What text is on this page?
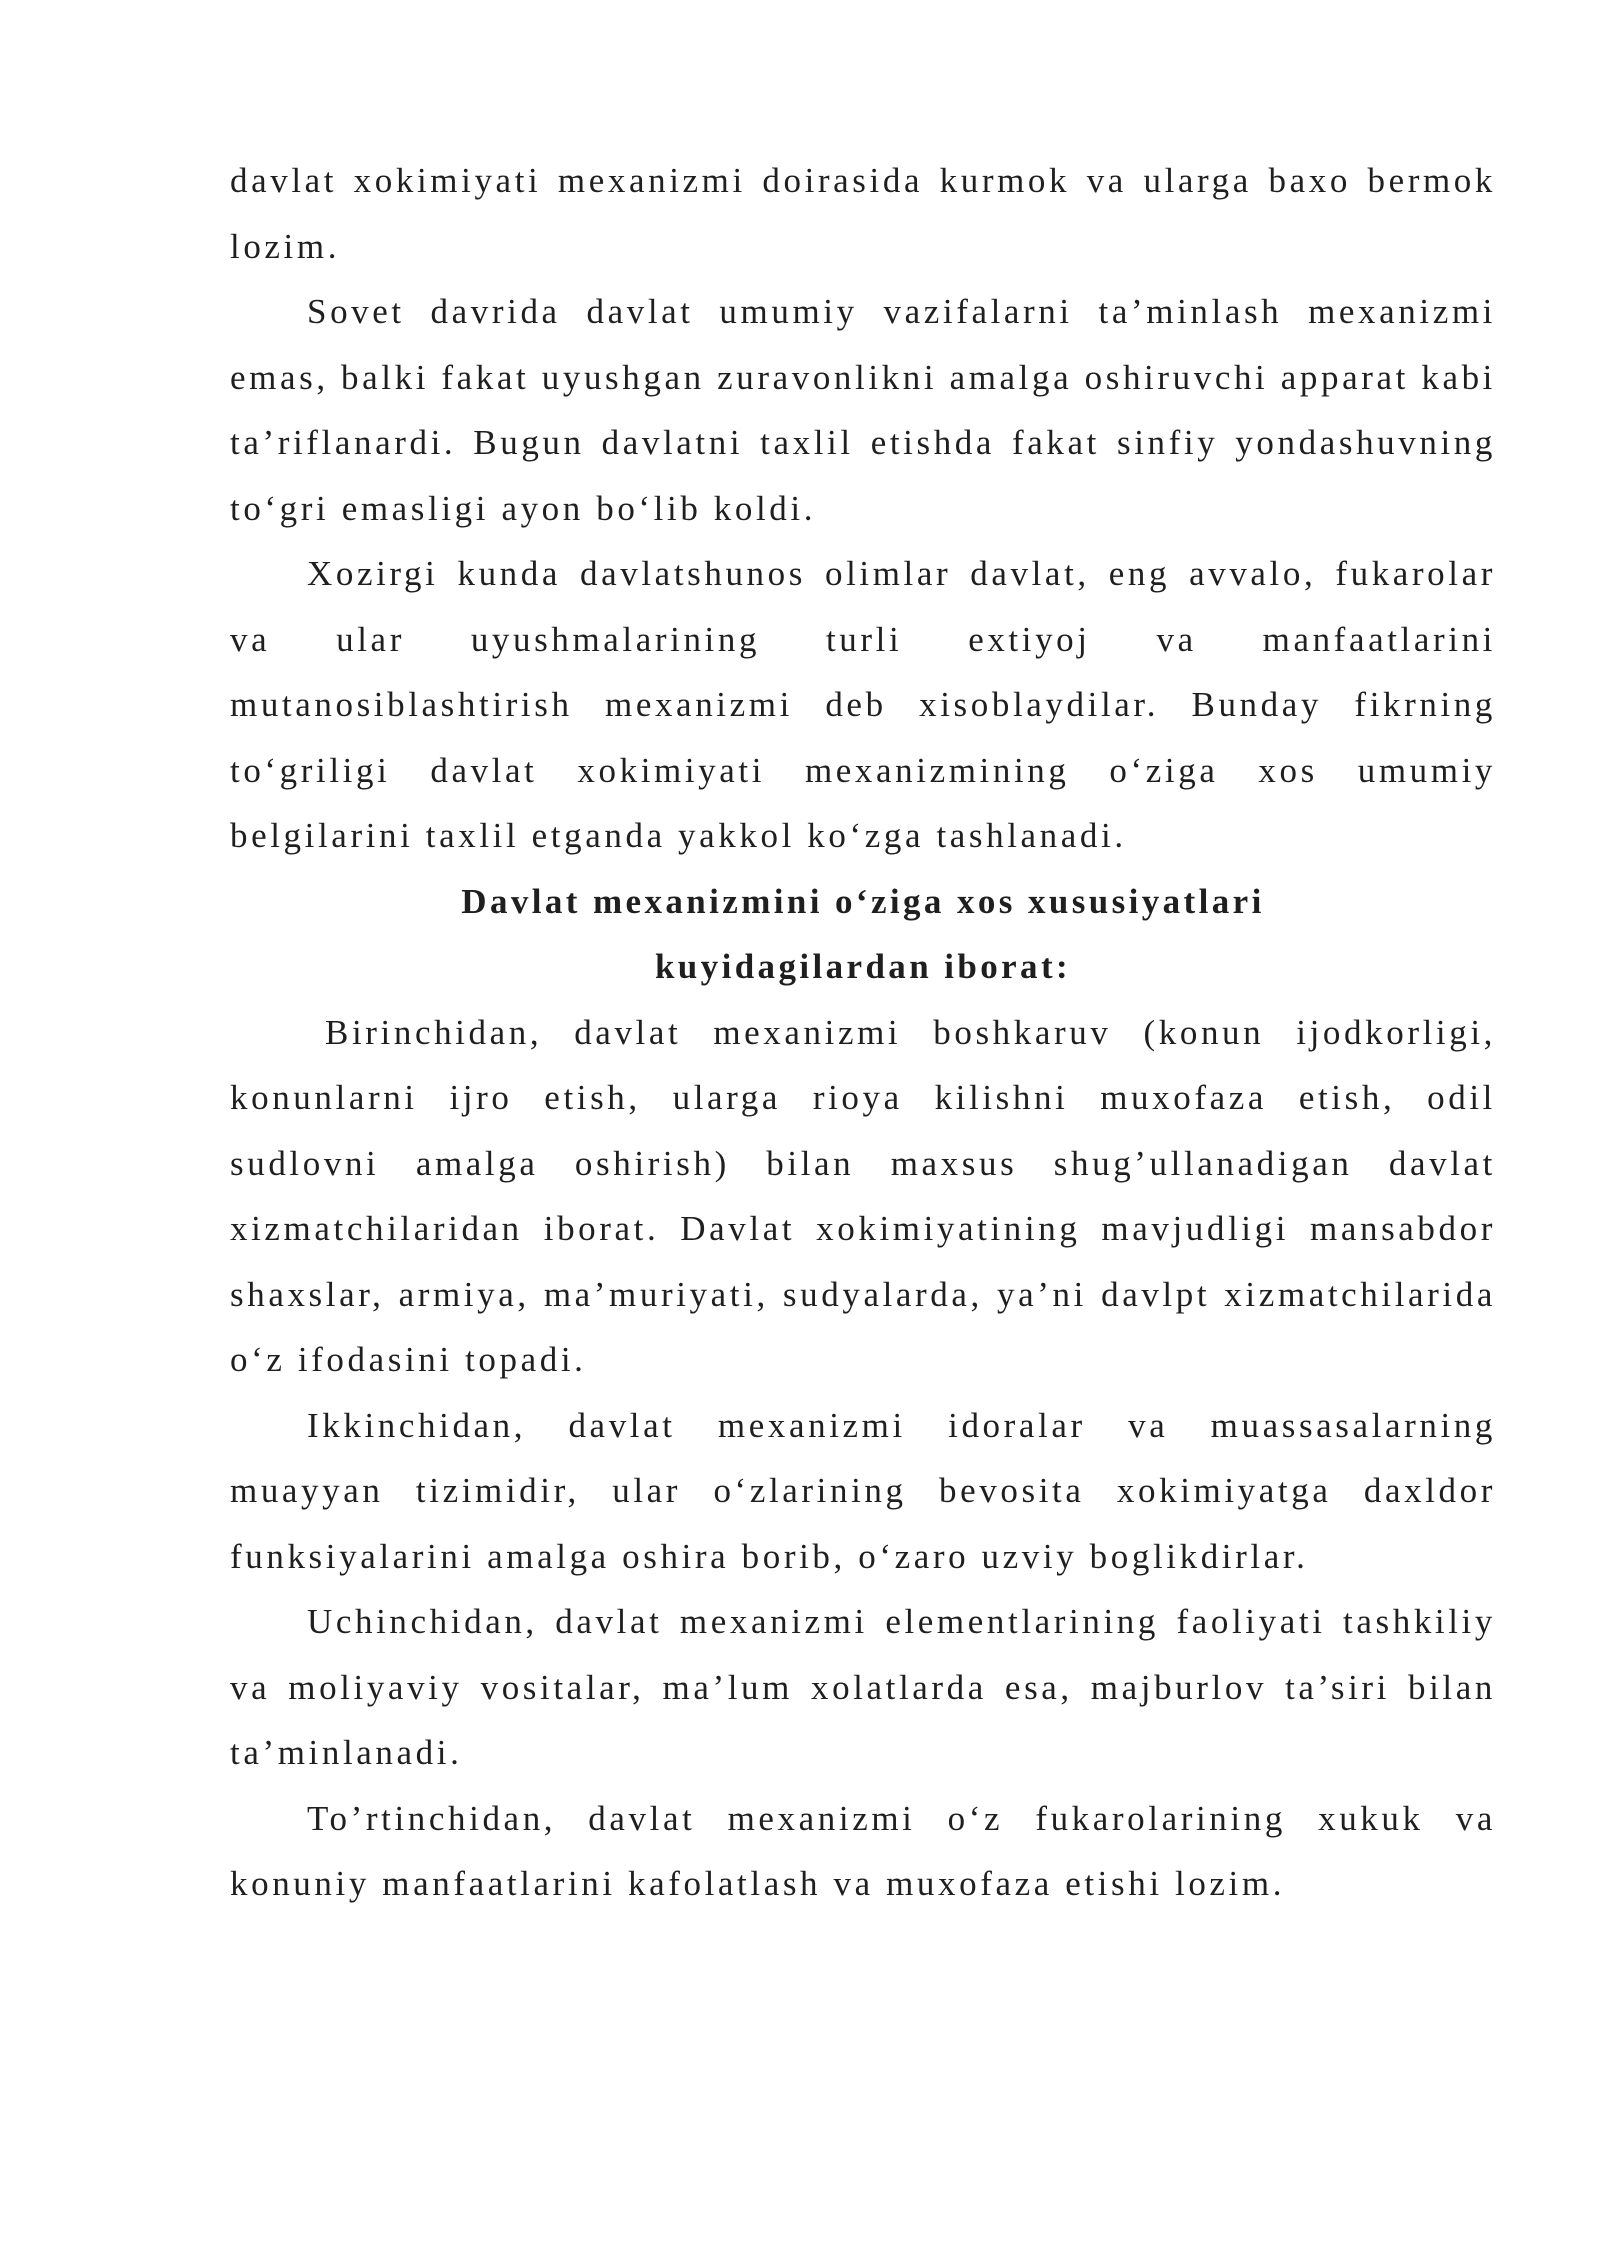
davlat xokimiyati mexanizmi doirasida kurmok va ularga baxo bermok lozim.

Sovet davrida davlat umumiy vazifalarni ta’minlash mexanizmi emas, balki fakat uyushgan zuravonlikni amalga oshiruvchi apparat kabi ta’riflanardi. Bugun davlatni taxlil etishda fakat sinfiy yondashuvning to‘gri emasligi ayon bo‘lib koldi.

Xozirgi kunda davlatshunos olimlar davlat, eng avvalo, fukarolar va ular uyushmalarining turli extiyoj va manfaatlarini mutanosiblashtirish mexanizmi deb xisoblaydilar. Bunday fikrning to‘griligi davlat xokimiyati mexanizmining o‘ziga xos umumiy belgilarini taxlil etganda yakkol ko‘zga tashlanadi.

Davlat mexanizmini o‘ziga xos xususiyatlari

kuyidagilardan iborat:

Birinchidan, davlat mexanizmi boshkaruv (konun ijodkorligi, konunlarni ijro etish, ularga rioya kilishni muxofaza etish, odil sudlovni amalga oshirish) bilan maxsus shug’ullanadigan davlat xizmatchilaridan iborat. Davlat xokimiyatining mavjudligi mansabdor shaxslar, armiya, ma’muriyati, sudyalarda, ya’ni davlpt xizmatchilarida o‘z ifodasini topadi.

Ikkinchidan, davlat mexanizmi idoralar va muassasalarning muayyan tizimidir, ular o‘zlarining bevosita xokimiyatga daxldor funksiyalarini amalga oshira borib, o‘zaro uzviy boglikdirlar.

Uchinchidan, davlat mexanizmi elementlarining faoliyati tashkiliy va moliyaviy vositalar, ma’lum xolatlarda esa, majburlov ta’siri bilan ta’minlanadi.

To’rtinchidan, davlat mexanizmi o‘z fukarolarining xukuk va konuniy manfaatlarini kafolatlash va muxofaza etishi lozim.
